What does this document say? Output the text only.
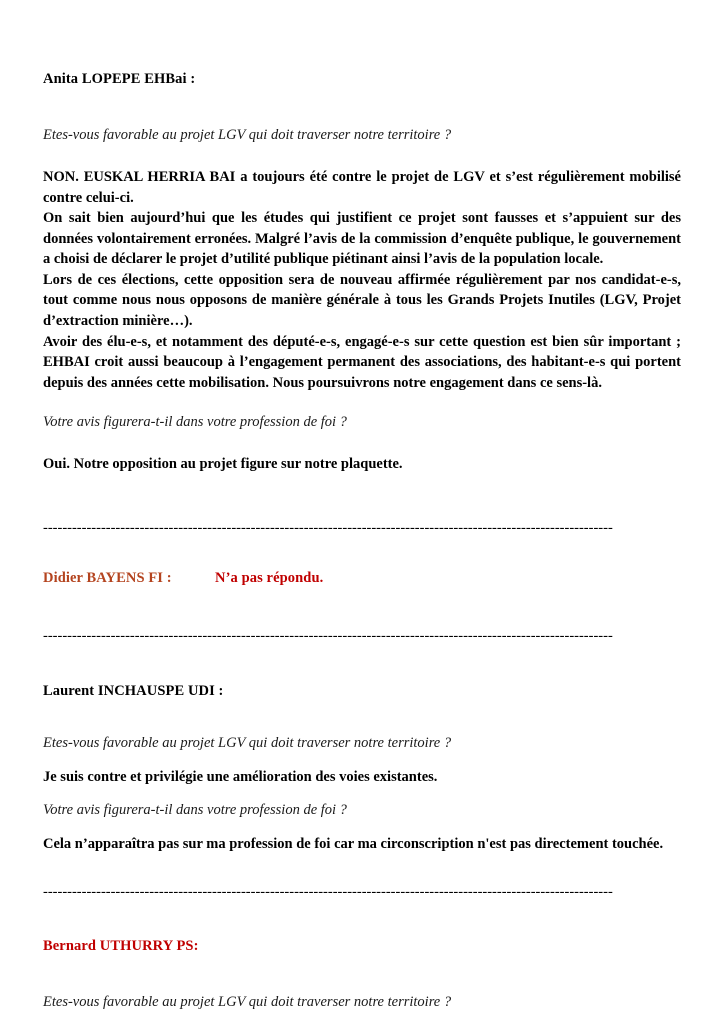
Anita LOPEPE EHBai :

Etes-vous favorable au projet LGV qui doit traverser notre territoire ?

NON. EUSKAL HERRIA BAI a toujours été contre le projet de LGV et s’est régulièrement mobilisé contre celui-ci.

On sait bien aujourd’hui que les études qui justifient ce projet sont fausses et s’appuient sur des données volontairement erronées. Malgré l’avis de la commission d’enquête publique, le gouvernement a choisi de déclarer le projet d’utilité publique piétinant ainsi l’avis de la population locale.

Lors de ces élections, cette opposition sera de nouveau affirmée régulièrement par nos candidat-e-s, tout comme nous nous opposons de manière générale à tous les Grands Projets Inutiles (LGV, Projet d’extraction minière…).

Avoir des élu-e-s, et notamment des député-e-s, engagé-e-s sur cette question est bien sûr important ; EHBAI croit aussi beaucoup à l’engagement permanent des associations, des habitant-e-s qui portent depuis des années cette mobilisation. Nous poursuivrons notre engagement dans ce sens-là.

Votre avis figurera-t-il dans votre profession de foi ?

Oui. Notre opposition au projet figure sur notre plaquette.

----------------------------------------------------------------------------------------------------------------------

Didier BAYENS FI :	N’a pas répondu.

----------------------------------------------------------------------------------------------------------------------

Laurent INCHAUSPE UDI :

Etes-vous favorable au projet LGV qui doit traverser notre territoire ?

Je suis contre et privilégie une amélioration des voies existantes.

Votre avis figurera-t-il dans votre profession de foi ?

Cela n’apparaîtra pas sur ma profession de foi car ma circonscription n'est pas directement touchée.

----------------------------------------------------------------------------------------------------------------------

Bernard UTHURRY PS:

Etes-vous favorable au projet LGV qui doit traverser notre territoire ?
